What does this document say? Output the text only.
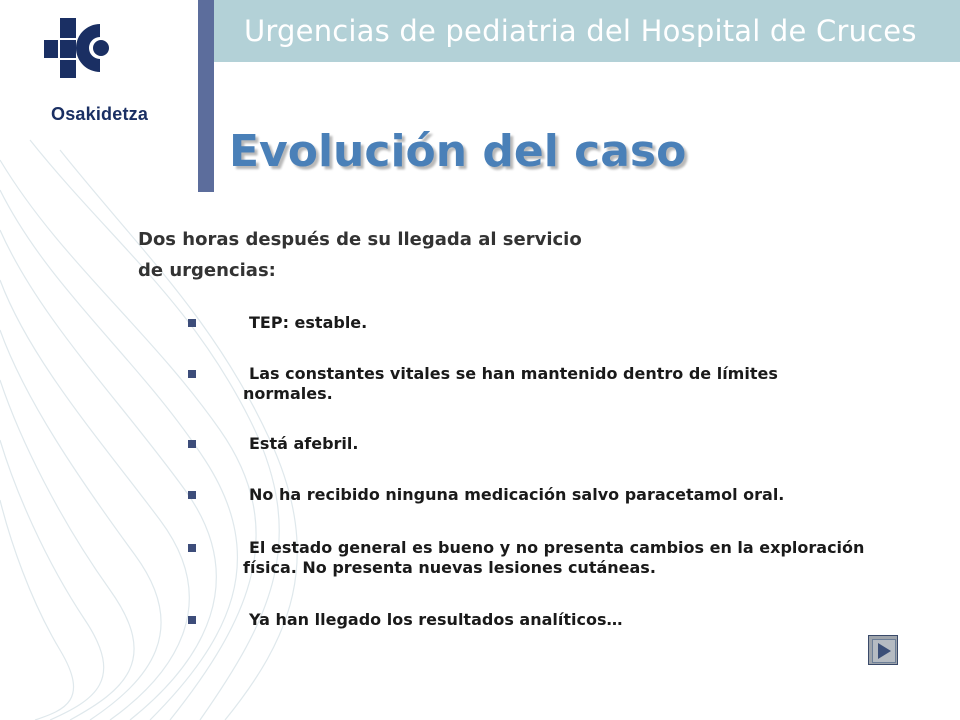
Urgencias de pediatria del Hospital de Cruces
Osakidetza
Evolución del caso
Dos horas después de su llegada al servicio
de urgencias:
TEP: estable.
Las constantes vitales se han mantenido dentro de límites normales.
Está afebril.
No ha recibido ninguna medicación salvo paracetamol oral.
El estado general es bueno y no presenta cambios en la exploración física. No presenta nuevas lesiones cutáneas.
Ya han llegado los resultados analíticos…
